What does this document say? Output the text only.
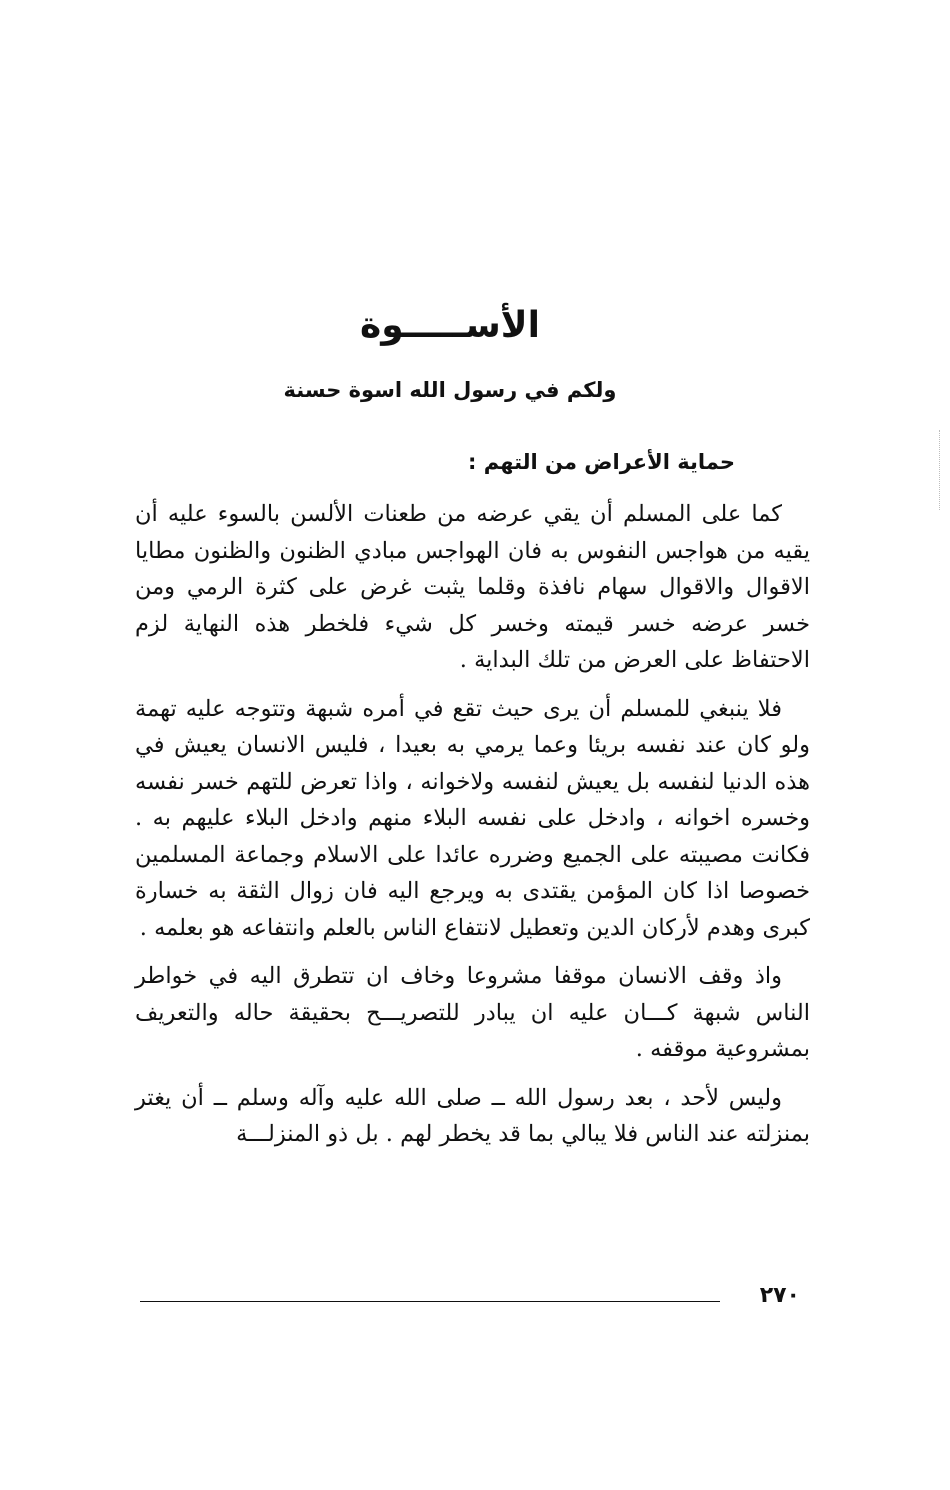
الأســـــوة
ولكم في رسول الله اسوة حسنة
حماية الأعراض من التهم :

كما على المسلم أن يقي عرضه من طعنات الألسن بالسوء عليه أن يقيه من هواجس النفوس به فان الهواجس مبادي الظنون والظنون مطايا الاقوال والاقوال سهام نافذة وقلما يثبت غرض على كثرة الرمي ومن خسر عرضه خسر قيمته وخسر كل شيء فلخطر هذه النهاية لزم الاحتفاظ على العرض من تلك البداية .

فلا ينبغي للمسلم أن يرى حيث تقع في أمره شبهة وتتوجه عليه تهمة ولو كان عند نفسه بريئا وعما يرمي به بعيدا ، فليس الانسان يعيش في هذه الدنيا لنفسه بل يعيش لنفسه ولاخوانه ، واذا تعرض للتهم خسر نفسه وخسره اخوانه ، وادخل على نفسه البلاء منهم وادخل البلاء عليهم به . فكانت مصيبته على الجميع وضرره عائدا على الاسلام وجماعة المسلمين خصوصا اذا كان المؤمن يقتدى به ويرجع اليه فان زوال الثقة به خسارة كبرى وهدم لأركان الدين وتعطيل لانتفاع الناس بالعلم وانتفاعه هو بعلمه .

واذ وقف الانسان موقفا مشروعا وخاف ان تتطرق اليه في خواطر الناس شبهة كـــان عليه ان يبادر للتصريـــح بحقيقة حاله والتعريف بمشروعية موقفه .

وليس لأحد ، بعد رسول الله ــ صلى الله عليه وآله وسلم ــ أن يغتر بمنزلته عند الناس فلا يبالي بما قد يخطر لهم . بل ذو المنزلـــة

٢٧٠
